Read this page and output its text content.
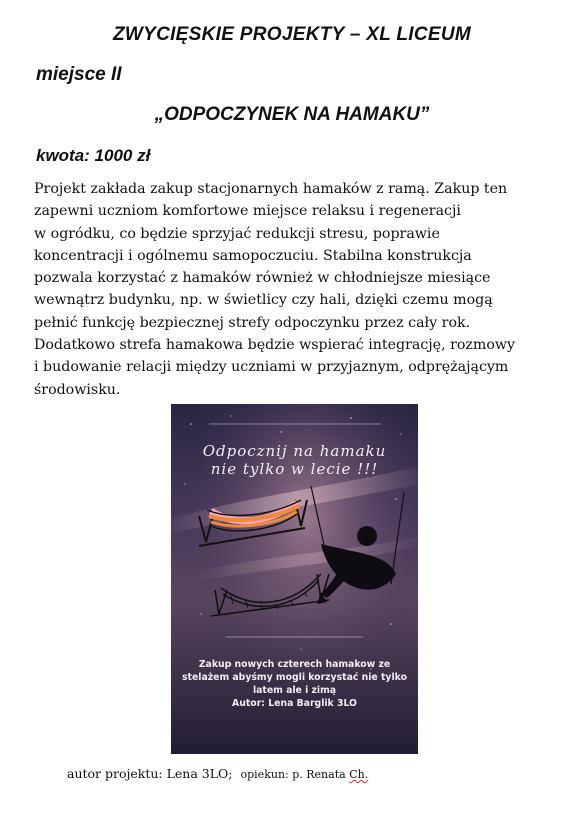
ZWYCIĘSKIE PROJEKTY – XL LICEUM
miejsce II
„ODPOCZYNEK NA HAMAKU”
kwota: 1000 zł
Projekt zakłada zakup stacjonarnych hamaków z ramą. Zakup ten
zapewni uczniom komfortowe miejsce relaksu i regeneracji
w ogródku, co będzie sprzyjać redukcji stresu, poprawie
koncentracji i ogólnemu samopoczuciu. Stabilna konstrukcja
pozwala korzystać z hamaków również w chłodniejsze miesiące
wewnątrz budynku, np. w świetlicy czy hali, dzięki czemu mogą
pełnić funkcję bezpiecznej strefy odpoczynku przez cały rok.
Dodatkowo strefa hamakowa będzie wspierać integrację, rozmowy
i budowanie relacji między uczniami w przyjaznym, odprężającym
środowisku.
Odpocznij na hamaku
nie tylko w lecie !!!
Zakup nowych czterech hamakow ze
stelażem abyśmy mogli korzystać nie tylko
latem ale i zimą
Autor: Lena Barglik 3LO
autor projektu: Lena 3LO; opiekun: p. Renata Ch.
